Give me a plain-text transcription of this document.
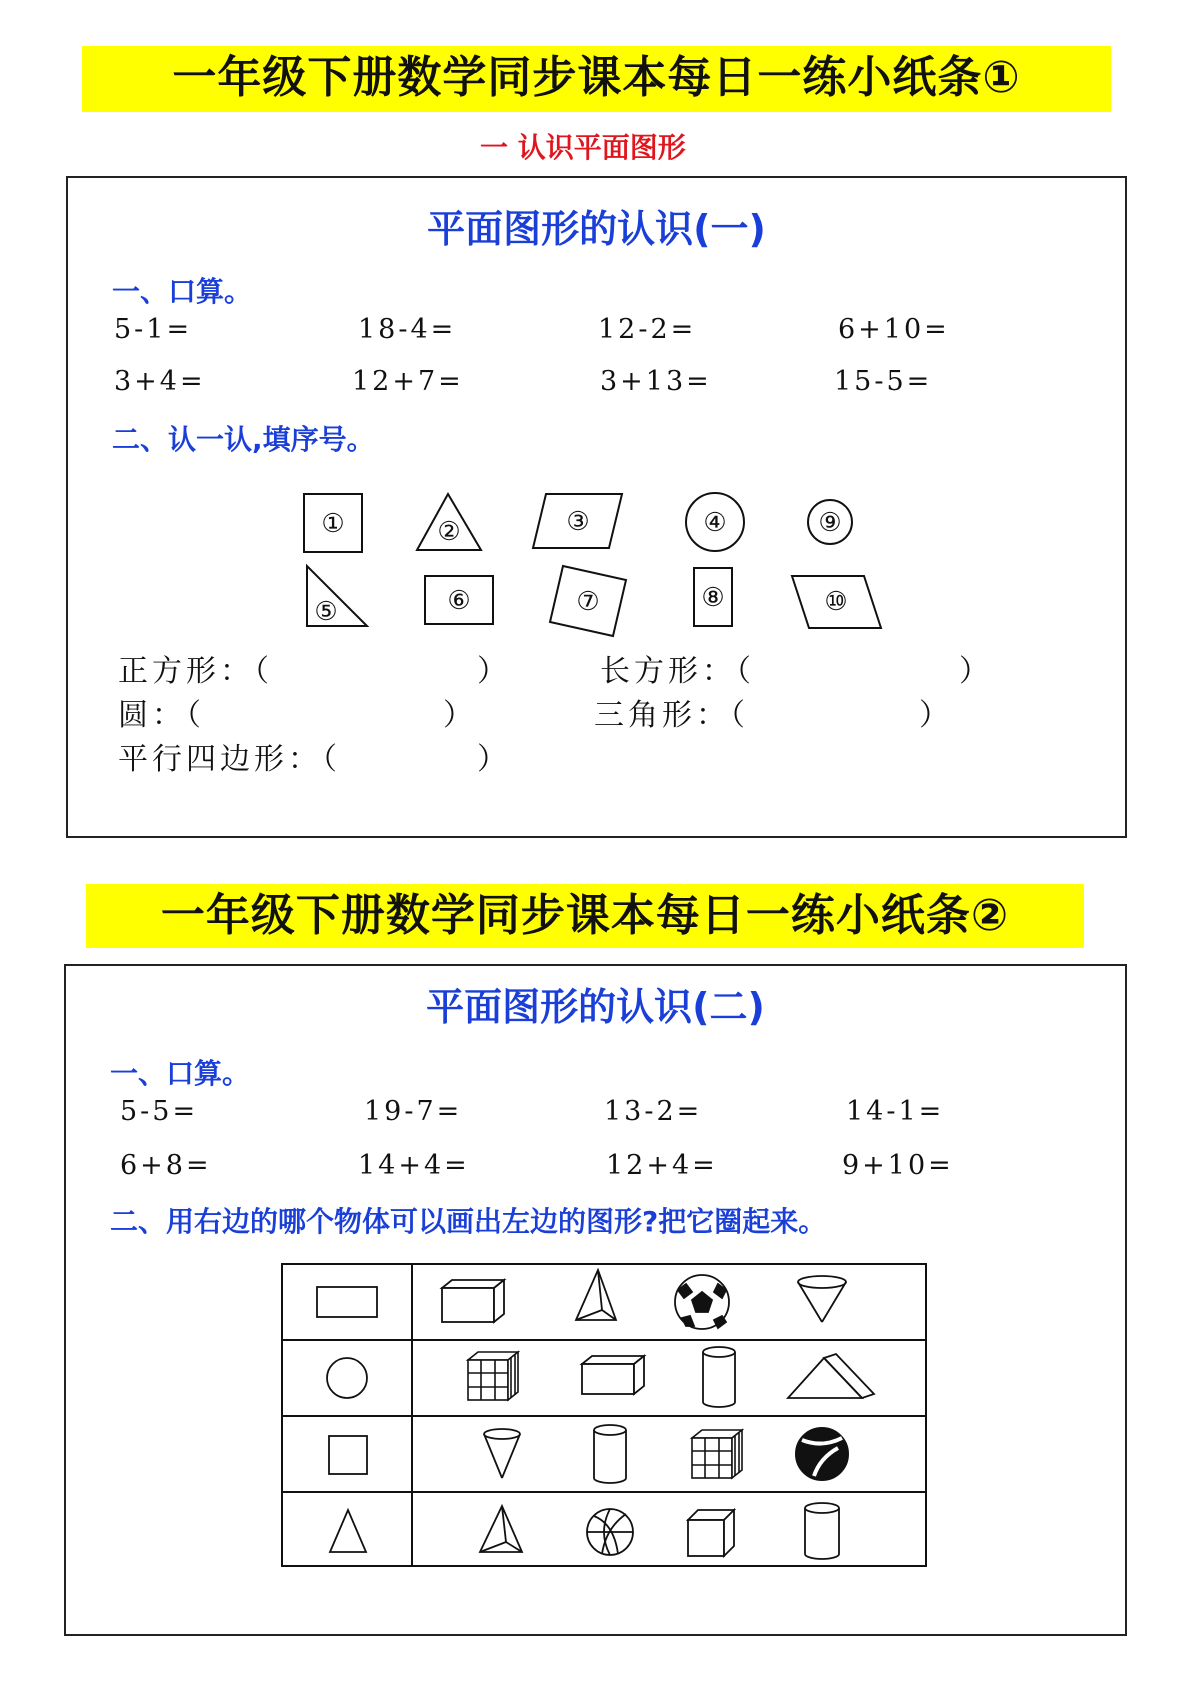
一年级下册数学同步课本每日一练小纸条①
一 认识平面图形
平面图形的认识(一)
一、口算。
5-1=	18-4=	12-2=	6+10=
3+4=	12+7=	3+13=	15-5=
二、认一认,填序号。
①	②	③	④	⑨
⑤	⑥	⑦	⑧	⑩
正方形：（　　　　　　）	长方形：（　　　　　　）
圆：（　　　　　　　）	三角形：（　　　　　）
平行四边形：（　　　　）
一年级下册数学同步课本每日一练小纸条②
平面图形的认识(二)
一、口算。
5-5=	19-7=	13-2=	14-1=
6+8=	14+4=	12+4=	9+10=
二、用右边的哪个物体可以画出左边的图形?把它圈起来。
